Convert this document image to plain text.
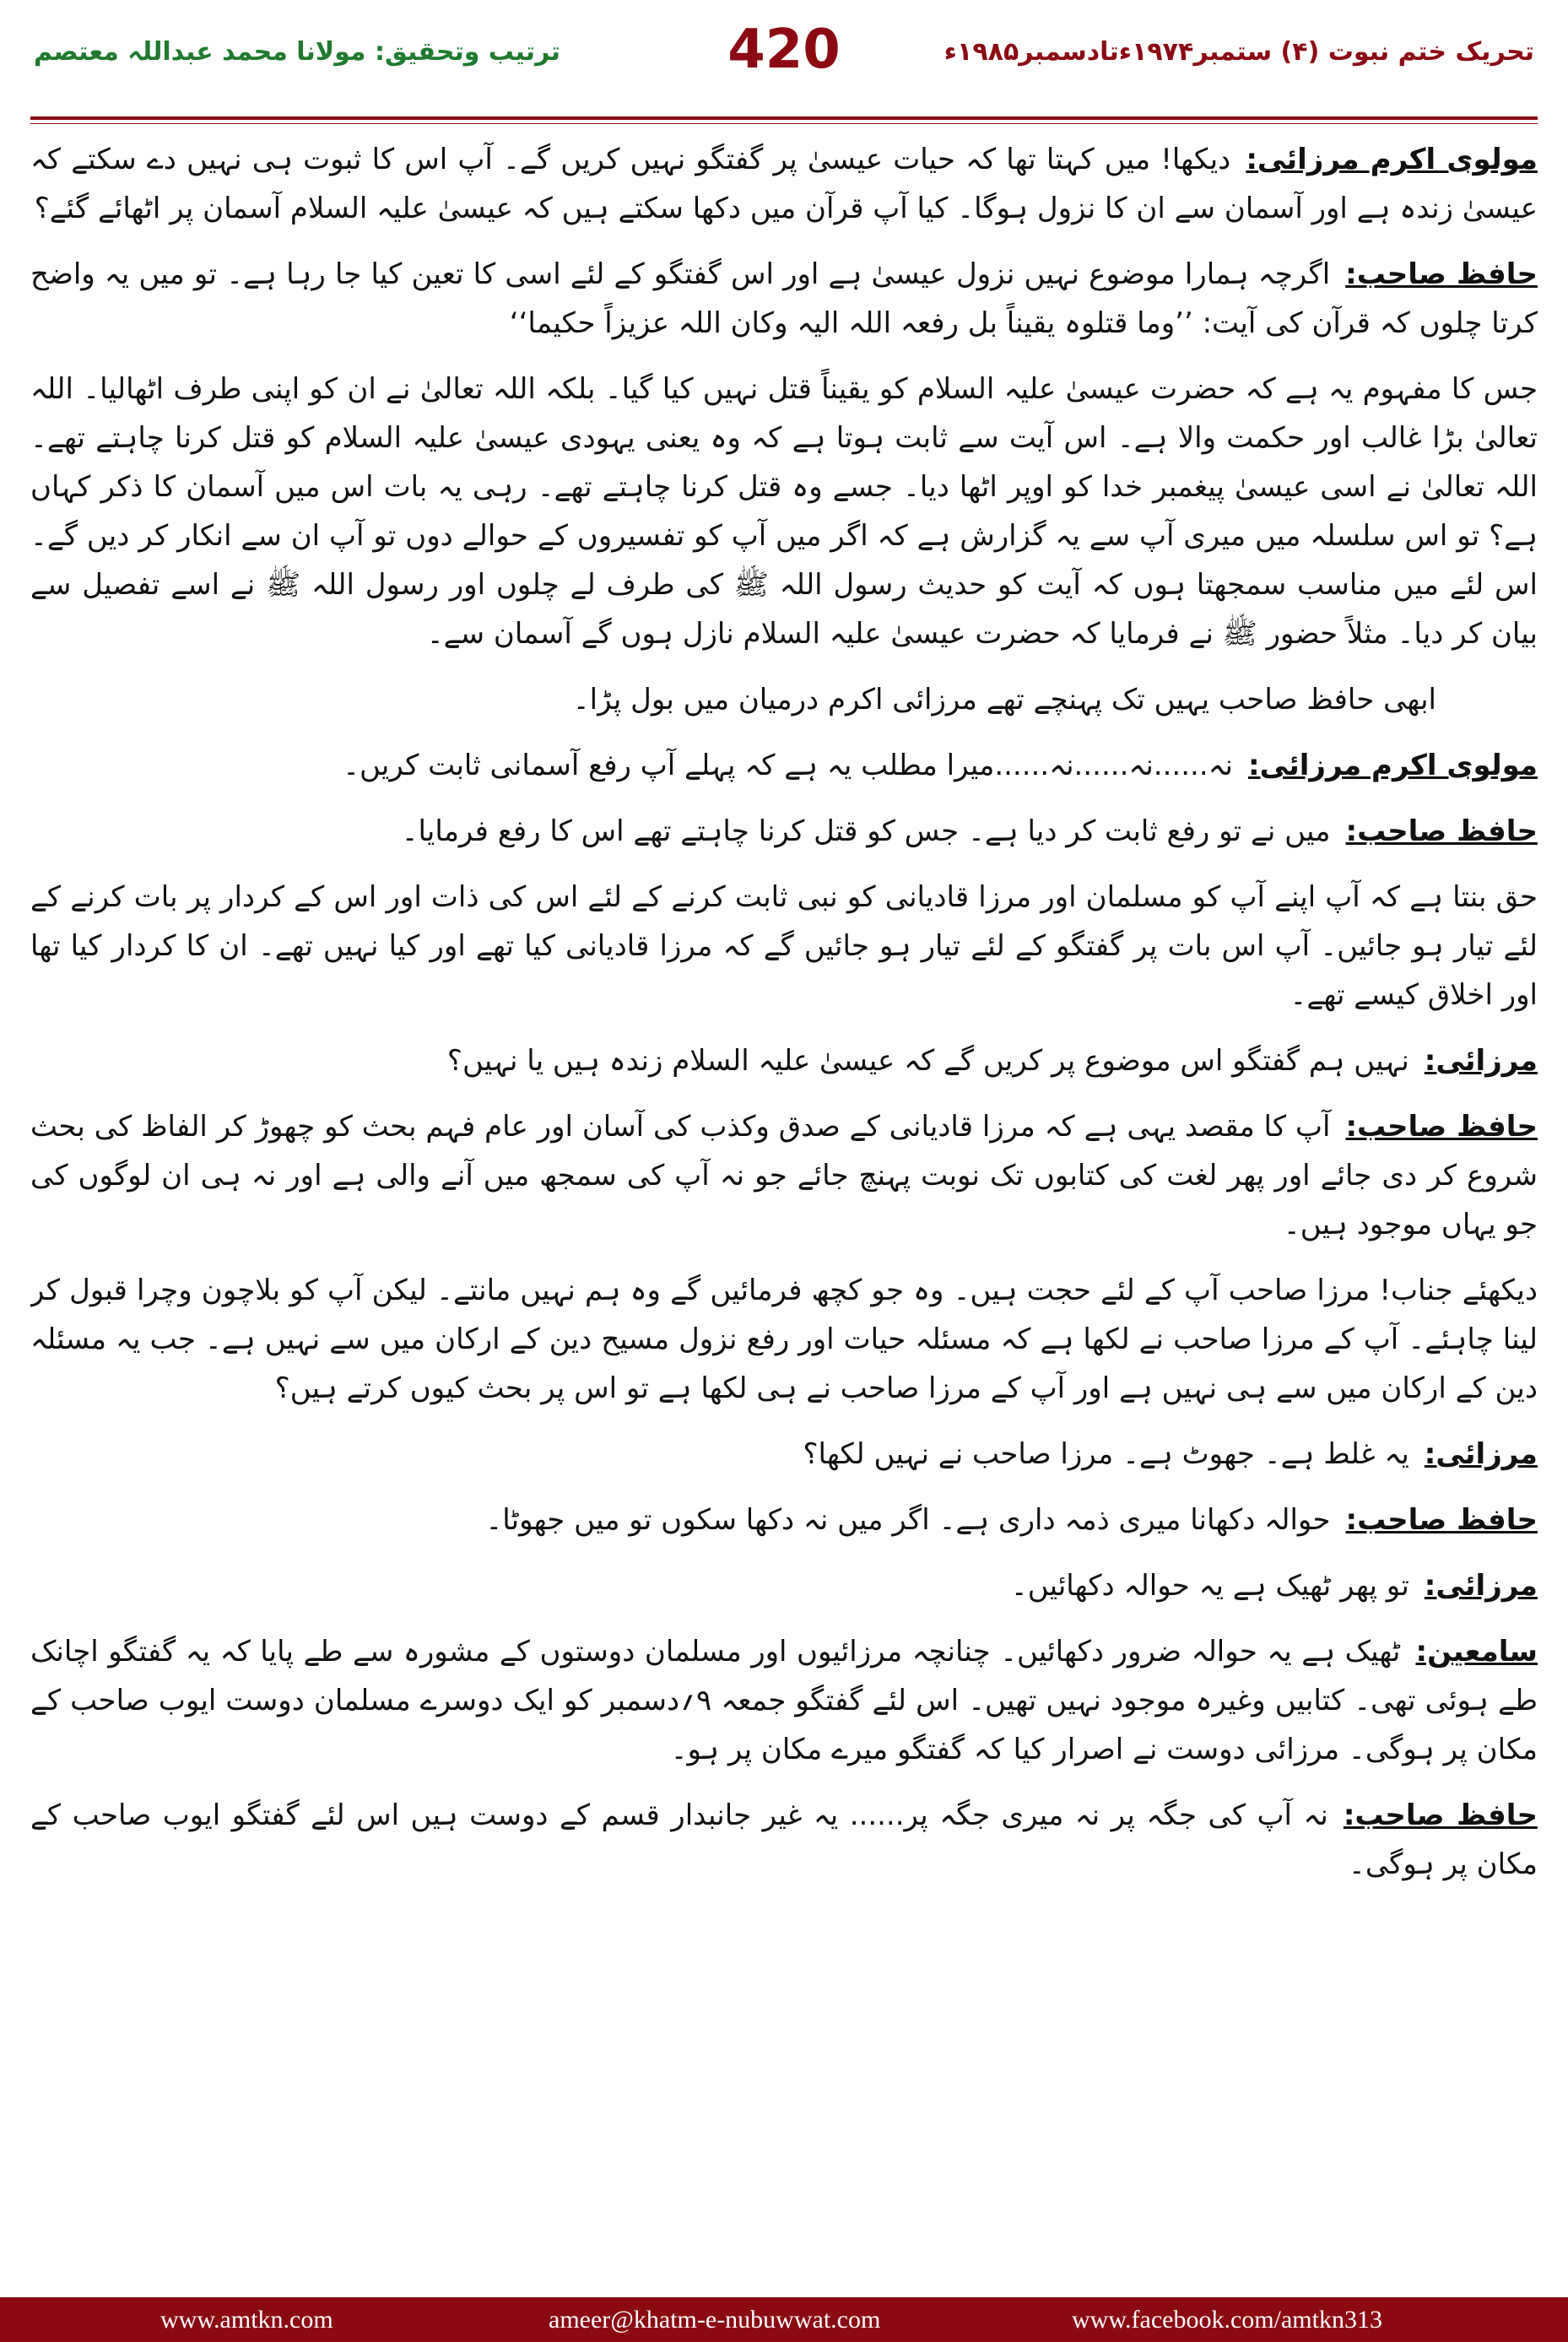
ترتیب وتحقیق: مولانا محمد عبداللہ معتصم	420	تحریک ختم نبوت (۴) ستمبر۱۹۷۴ءتادسمبر۱۹۸۵ء
مولوی اکرم مرزائی:دیکھا! میں کہتا تھا کہ حیات عیسیٰ پر گفتگو نہیں کریں گے۔ آپ اس کا ثبوت ہی نہیں دے سکتے کہ عیسیٰ زندہ ہے اور آسمان سے ان کا نزول ہوگا۔ کیا آپ قرآن میں دکھا سکتے ہیں کہ عیسیٰ علیہ السلام آسمان پر اٹھائے گئے؟
حافظ صاحب:اگرچہ ہمارا موضوع نہیں نزول عیسیٰ ہے اور اس گفتگو کے لئے اسی کا تعین کیا جا رہا ہے۔ تو میں یہ واضح کرتا چلوں کہ قرآن کی آیت: ’’وما قتلوہ یقیناً بل رفعہ اللہ الیہ وکان اللہ عزیزاً حکیما‘‘
جس کا مفہوم یہ ہے کہ حضرت عیسیٰ علیہ السلام کو یقیناً قتل نہیں کیا گیا۔ بلکہ اللہ تعالیٰ نے ان کو اپنی طرف اٹھالیا۔ اللہ تعالیٰ بڑا غالب اور حکمت والا ہے۔ اس آیت سے ثابت ہوتا ہے کہ وہ یعنی یہودی عیسیٰ علیہ السلام کو قتل کرنا چاہتے تھے۔ اللہ تعالیٰ نے اسی عیسیٰ پیغمبر خدا کو اوپر اٹھا دیا۔ جسے وہ قتل کرنا چاہتے تھے۔ رہی یہ بات اس میں آسمان کا ذکر کہاں ہے؟ تو اس سلسلہ میں میری آپ سے یہ گزارش ہے کہ اگر میں آپ کو تفسیروں کے حوالے دوں تو آپ ان سے انکار کر دیں گے۔ اس لئے میں مناسب سمجھتا ہوں کہ آیت کو حدیث رسول اللہ ﷺ کی طرف لے چلوں اور رسول اللہ ﷺ نے اسے تفصیل سے بیان کر دیا۔ مثلاً حضور ﷺ نے فرمایا کہ حضرت عیسیٰ علیہ السلام نازل ہوں گے آسمان سے۔
ابھی حافظ صاحب یہیں تک پہنچے تھے مرزائی اکرم درمیان میں بول پڑا۔
مولوی اکرم مرزائی:نہ......نہ......نہ......میرا مطلب یہ ہے کہ پہلے آپ رفع آسمانی ثابت کریں۔
حافظ صاحب:میں نے تو رفع ثابت کر دیا ہے۔ جس کو قتل کرنا چاہتے تھے اس کا رفع فرمایا۔
حق بنتا ہے کہ آپ اپنے آپ کو مسلمان اور مرزا قادیانی کو نبی ثابت کرنے کے لئے اس کی ذات اور اس کے کردار پر بات کرنے کے لئے تیار ہو جائیں۔ آپ اس بات پر گفتگو کے لئے تیار ہو جائیں گے کہ مرزا قادیانی کیا تھے اور کیا نہیں تھے۔ ان کا کردار کیا تھا اور اخلاق کیسے تھے۔
مرزائی:نہیں ہم گفتگو اس موضوع پر کریں گے کہ عیسیٰ علیہ السلام زندہ ہیں یا نہیں؟
حافظ صاحب:آپ کا مقصد یہی ہے کہ مرزا قادیانی کے صدق وکذب کی آسان اور عام فہم بحث کو چھوڑ کر الفاظ کی بحث شروع کر دی جائے اور پھر لغت کی کتابوں تک نوبت پہنچ جائے جو نہ آپ کی سمجھ میں آنے والی ہے اور نہ ہی ان لوگوں کی جو یہاں موجود ہیں۔
دیکھئے جناب! مرزا صاحب آپ کے لئے حجت ہیں۔ وہ جو کچھ فرمائیں گے وہ ہم نہیں مانتے۔ لیکن آپ کو بلاچون وچرا قبول کر لینا چاہئے۔ آپ کے مرزا صاحب نے لکھا ہے کہ مسئلہ حیات اور رفع نزول مسیح دین کے ارکان میں سے نہیں ہے۔ جب یہ مسئلہ دین کے ارکان میں سے ہی نہیں ہے اور آپ کے مرزا صاحب نے ہی لکھا ہے تو اس پر بحث کیوں کرتے ہیں؟
مرزائی:یہ غلط ہے۔ جھوٹ ہے۔ مرزا صاحب نے نہیں لکھا؟
حافظ صاحب:حوالہ دکھانا میری ذمہ داری ہے۔ اگر میں نہ دکھا سکوں تو میں جھوٹا۔
مرزائی:تو پھر ٹھیک ہے یہ حوالہ دکھائیں۔
سامعین:ٹھیک ہے یہ حوالہ ضرور دکھائیں۔ چنانچہ مرزائیوں اور مسلمان دوستوں کے مشورہ سے طے پایا کہ یہ گفتگو اچانک طے ہوئی تھی۔ کتابیں وغیرہ موجود نہیں تھیں۔ اس لئے گفتگو جمعہ ۹؍دسمبر کو ایک دوسرے مسلمان دوست ایوب صاحب کے مکان پر ہوگی۔ مرزائی دوست نے اصرار کیا کہ گفتگو میرے مکان پر ہو۔
حافظ صاحب:نہ آپ کی جگہ پر نہ میری جگہ پر...... یہ غیر جانبدار قسم کے دوست ہیں اس لئے گفتگو ایوب صاحب کے مکان پر ہوگی۔
www.amtkn.com	ameer@khatm-e-nubuwwat.com	www.facebook.com/amtkn313
